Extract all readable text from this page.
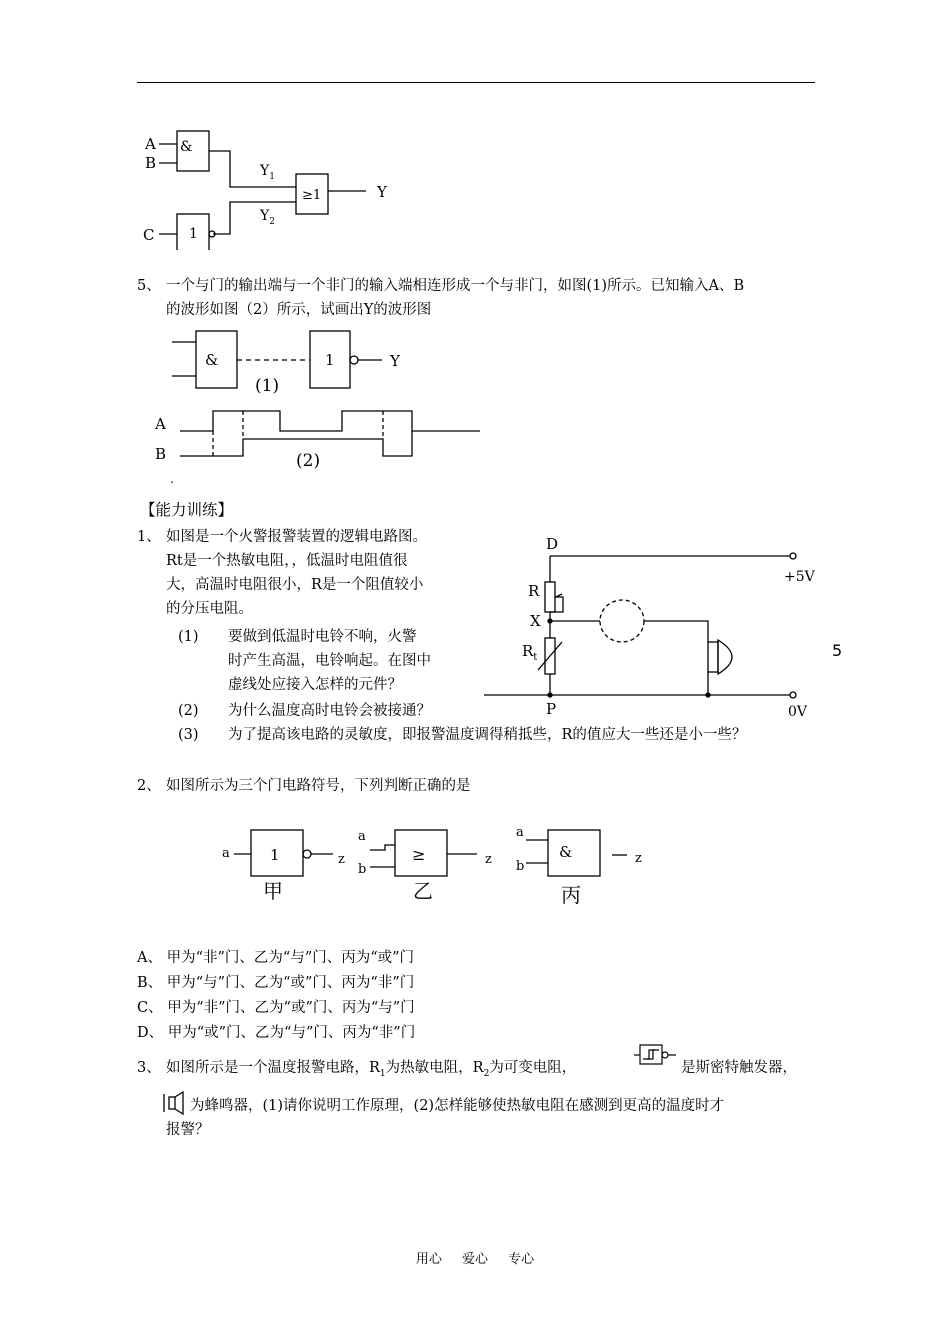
A
B
&
$Y_1$
≥1	Y
$Y_2$
1
C
5、 一个与门的输出端与一个非门的输入端相连形成一个与非门，如图(1)所示。已知输入A、B
的波形如图（2）所示，试画出Y的波形图
&	1	Y
(1)
A
B	(2)
.
【能力训练】
1、 如图是一个火警报警装置的逻辑电路图。
Rt是一个热敏电阻，，低温时电阻值很
大，高温时电阻很小，R是一个阻值较小
的分压电阻。
(1) 要做到低温时电铃不响，火警
时产生高温，电铃响起。在图中
虚线处应接入怎样的元件？
(2) 为什么温度高时电铃会被接通？
(3) 为了提高该电路的灵敏度，即报警温度调得稍抵些，R的值应大一些还是小一些？
D
+5V
R
X
$R_t$
P	0V
5
2、 如图所示为三个门电路符号，下列判断正确的是
a	1	z
甲
a
b
≥	z
乙
a
b
&	z
丙
A、 甲为“非”门、乙为“与”门、丙为“或”门
B、 甲为“与”门、乙为“或”门、丙为“非”门
C、 甲为“非”门、乙为“或”门、丙为“与”门
D、 甲为“或”门、乙为“与”门、丙为“非”门
3、 如图所示是一个温度报警电路，$R_1$为热敏电阻，$R_2$为可变电阻，	是斯密特触发器，
为蜂鸣器，(1)请你说明工作原理，(2)怎样能够使热敏电阻在感测到更高的温度时才
报警？
用心 爱心 专心
